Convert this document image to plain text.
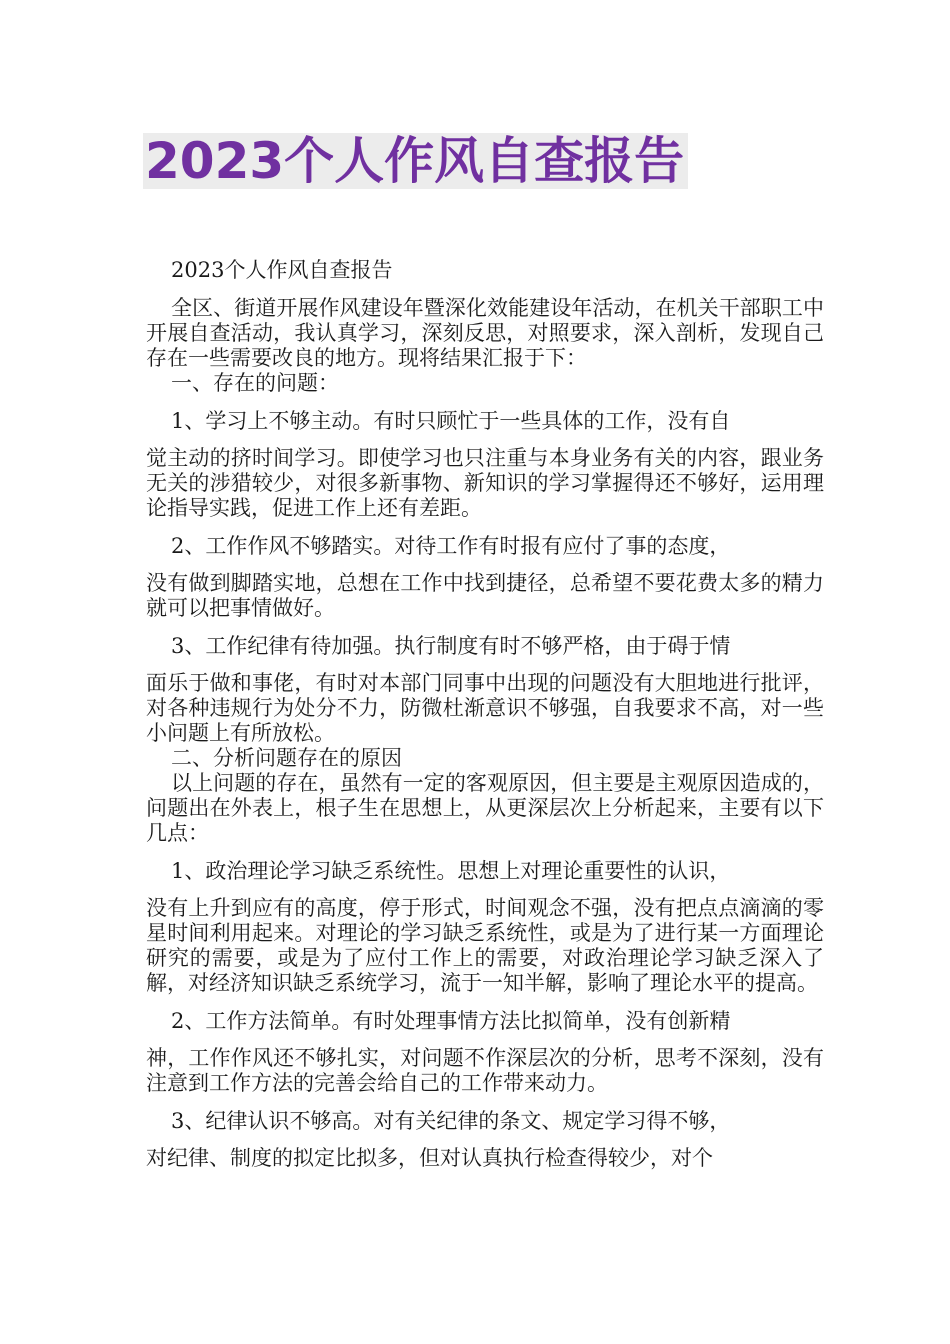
2023个人作风自查报告

2023个人作风自查报告

全区、街道开展作风建设年暨深化效能建设年活动，在机关干部职工中开展自查活动，我认真学习，深刻反思，对照要求，深入剖析，发现自己存在一些需要改良的地方。现将结果汇报于下：

一、存在的问题：

1、学习上不够主动。有时只顾忙于一些具体的工作，没有自
觉主动的挤时间学习。即使学习也只注重与本身业务有关的内容，跟业务无关的涉猎较少，对很多新事物、新知识的学习掌握得还不够好，运用理论指导实践，促进工作上还有差距。
2、工作作风不够踏实。对待工作有时报有应付了事的态度，
没有做到脚踏实地，总想在工作中找到捷径，总希望不要花费太多的精力就可以把事情做好。
3、工作纪律有待加强。执行制度有时不够严格，由于碍于情
面乐于做和事佬，有时对本部门同事中出现的问题没有大胆地进行批评，对各种违规行为处分不力，防微杜渐意识不够强，自我要求不高，对一些小问题上有所放松。

二、分析问题存在的原因

以上问题的存在，虽然有一定的客观原因，但主要是主观原因造成的，问题出在外表上，根子生在思想上，从更深层次上分析起来，主要有以下几点：

1、政治理论学习缺乏系统性。思想上对理论重要性的认识，
没有上升到应有的高度，停于形式，时间观念不强，没有把点点滴滴的零星时间利用起来。对理论的学习缺乏系统性，或是为了进行某一方面理论研究的需要，或是为了应付工作上的需要，对政治理论学习缺乏深入了解，对经济知识缺乏系统学习，流于一知半解，影响了理论水平的提高。
2、工作方法简单。有时处理事情方法比拟简单，没有创新精
神，工作作风还不够扎实，对问题不作深层次的分析，思考不深刻，没有注意到工作方法的完善会给自己的工作带来动力。
3、纪律认识不够高。对有关纪律的条文、规定学习得不够，
对纪律、制度的拟定比拟多，但对认真执行检查得较少，对个
